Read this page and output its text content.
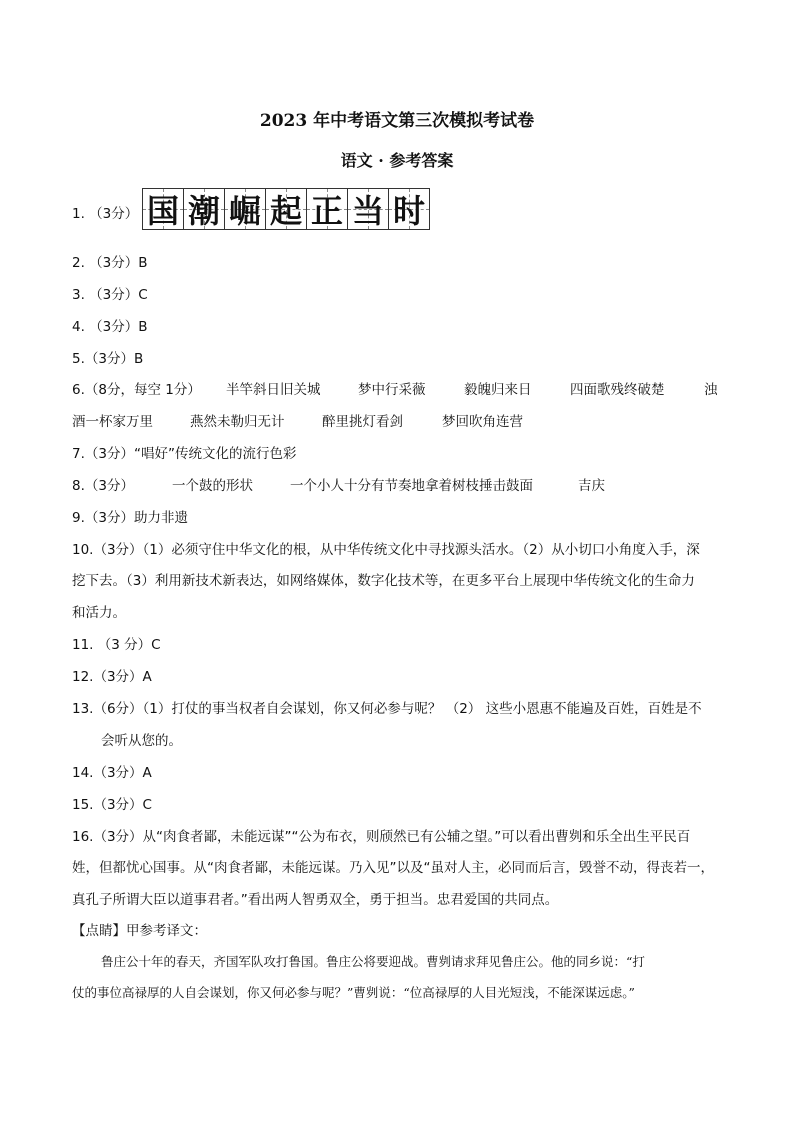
2023 年中考语文第三次模拟考试卷
语文 · 参考答案
1. （3分） 国 潮 崛 起 正 当 时
2. （3分）B
3. （3分）C
4. （3分）B
5.（3分）B
6.（8分，每空 1分） 半竿斜日旧关城	梦中行采薇	毅魄归来日	四面歌残终破楚	浊
酒一杯家万里	燕然未勒归无计	醉里挑灯看剑	梦回吹角连营
7.（3分）“唱好”传统文化的流行色彩
8.（3分）	一个鼓的形状	一个小人十分有节奏地拿着树枝捶击鼓面	吉庆
9.（3分）助力非遗
10.（3分）（1）必须守住中华文化的根，从中华传统文化中寻找源头活水。（2）从小切口小角度入手，深
挖下去。（3）利用新技术新表达，如网络媒体，数字化技术等，在更多平台上展现中华传统文化的生命力
和活力。
11. （3 分）C
12.（3分）A
13.（6分）（1）打仗的事当权者自会谋划，你又何必参与呢？ （2） 这些小恩惠不能遍及百姓，百姓是不
会听从您的。
14.（3分）A
15.（3分）C
16.（3分）从“肉食者鄙，未能远谋”“公为布衣，则颀然已有公辅之望。”可以看出曹刿和乐全出生平民百
姓，但都忧心国事。从“肉食者鄙，未能远谋。乃入见”以及“虽对人主，必同而后言，毁誉不动，得丧若一，
真孔子所谓大臣以道事君者。”看出两人智勇双全，勇于担当。忠君爱国的共同点。
【点睛】甲参考译文：
鲁庄公十年的春天，齐国军队攻打鲁国。鲁庄公将要迎战。曹刿请求拜见鲁庄公。他的同乡说：“打
仗的事位高禄厚的人自会谋划，你又何必参与呢？”曹刿说：“位高禄厚的人目光短浅，不能深谋远虑。”
